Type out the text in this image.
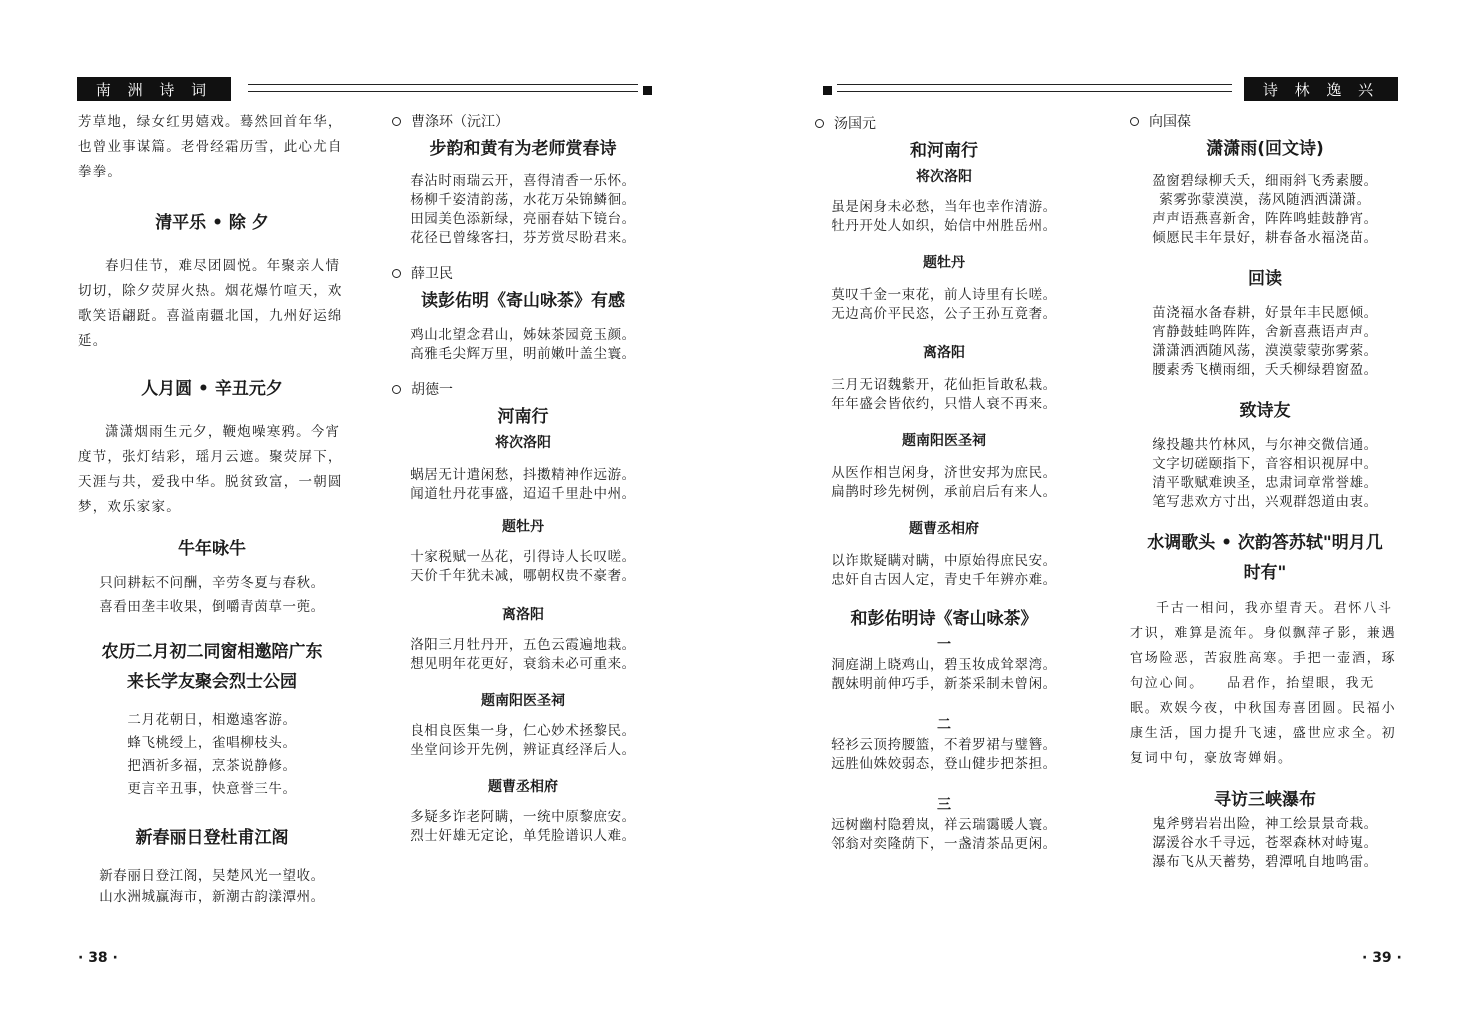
南 洲 诗 词
芳草地，绿女红男嬉戏。蓦然回首年华，也曾业事谋篇。老骨经霜历雪，此心尤自拳拳。
清平乐 • 除 夕
春归佳节，难尽团圆悦。年聚亲人情切切，除夕荧屏火热。烟花爆竹喧天，欢歌笑语翩跹。喜溢南疆北国，九州好运绵延。
人月圆 • 辛丑元夕
潇潇烟雨生元夕，鞭炮噪寒鸦。今宵度节，张灯结彩，瑶月云遮。聚荧屏下，天涯与共，爱我中华。脱贫致富，一朝圆梦，欢乐家家。
牛年咏牛
只问耕耘不问酬，辛劳冬夏与春秋。
喜看田垄丰收果，倒嚼青茵草一蔸。
农历二月初二同窗相邀陪广东
来长学友聚会烈士公园
二月花朝日，相邀遠客游。
蜂飞桃绶上，雀唱柳枝头。
把酒祈多福，烹茶说静修。
更言辛丑事，快意誉三牛。
新春丽日登杜甫江阁
新春丽日登江阁，吴楚风光一望收。
山水洲城赢海市，新潮古韵漾潭州。
曹涤环（沅江）
步韵和黄有为老师赏春诗
春沾时雨瑞云开，喜得清香一乐怀。
杨柳千姿清韵荡，水花万朵锦鳞徊。
田园美色添新绿，亮丽春姑下镜台。
花径已曾缘客扫，芬芳赏尽盼君来。
薛卫民
读彭佑明《寄山咏茶》有感
鸡山北望念君山，姊妹茶园竟玉颜。
高雅毛尖辉万里，明前嫩叶盖尘寰。
胡德一
河南行
将次洛阳
蜗居无计遣闲愁，抖擞精神作远游。
闻道牡丹花事盛，迢迢千里赴中州。
题牡丹
十家税赋一丛花，引得诗人长叹嗟。
天价千年犹未减，哪朝权贵不豪奢。
离洛阳
洛阳三月牡丹开，五色云霞遍地栽。
想见明年花更好，衰翁未必可重来。
题南阳医圣祠
良相良医集一身，仁心妙术拯黎民。
坐堂问诊开先例，辨证真经泽后人。
题曹丞相府
多疑多诈老阿瞒，一统中原黎庶安。
烈士奸雄无定论，单凭脸谱识人难。
· 38 ·
诗 林 逸 兴
汤国元
和河南行
将次洛阳
虽是闲身未必愁，当年也幸作清游。
牡丹开处人如织，始信中州胜岳州。
题牡丹
莫叹千金一束花，前人诗里有长嗟。
无边高价平民恣，公子王孙互竟奢。
离洛阳
三月无诏魏紫开，花仙拒旨敢私栽。
年年盛会皆依约，只惜人衰不再来。
题南阳医圣祠
从医作相岂闲身，济世安邦为庶民。
扁鹊时珍先树例，承前启后有来人。
题曹丞相府
以诈欺疑瞒对瞒，中原始得庶民安。
忠奸自古因人定，青史千年辨亦难。
和彭佑明诗《寄山咏茶》
一
洞庭湖上晓鸡山，碧玉妆成耸翠湾。
靓妹明前伸巧手，新茶采制未曾闲。
二
轻衫云顶挎腰篮，不着罗裙与璧簪。
远胜仙姝姣弱态，登山健步把茶担。
三
远树幽村隐碧岚，祥云瑞霭暖人寰。
邻翁对奕隆荫下，一盏清茶品更闲。
向国葆
潇潇雨(回文诗)
盈窗碧绿柳夭夭，细雨斜飞秀素腰。
萦雾弥蒙漠漠，荡风随洒洒潇潇。
声声语燕喜新舍，阵阵鸣蛙鼓静宵。
倾愿民丰年景好，耕春备水福浇苗。
回读
苗浇福水备春耕，好景年丰民愿倾。
宵静鼓蛙鸣阵阵，舍新喜燕语声声。
潇潇洒洒随风荡，漠漠蒙蒙弥雾萦。
腰素秀飞横雨细，夭夭柳绿碧窗盈。
致诗友
缘投趣共竹林风，与尔神交微信通。
文字切磋颐指下，音容相识视屏中。
清平歌赋难谀圣，忠肃词章常誉雄。
笔写悲欢方寸出，兴观群怨道由衷。
水调歌头 • 次韵答苏轼"明月几
时有"
千古一相问，我亦望青天。君怀八斗才识，难算是流年。身似飘萍孑影，兼遇官场险恶，苦寂胜高寒。手把一壶酒，琢句泣心间。　　品君作，抬望眼，我无眠。欢娱今夜，中秋国寿喜团圆。民福小康生活，国力提升飞速，盛世应求全。初复词中句，豪放寄婵娟。
寻访三峡瀑布
鬼斧劈岩岩出险，神工绘景景奇栽。
潺湲谷水千寻远，苍翠森林对峙嵬。
瀑布飞从天蓄势，碧潭吼自地鸣雷。
· 39 ·
